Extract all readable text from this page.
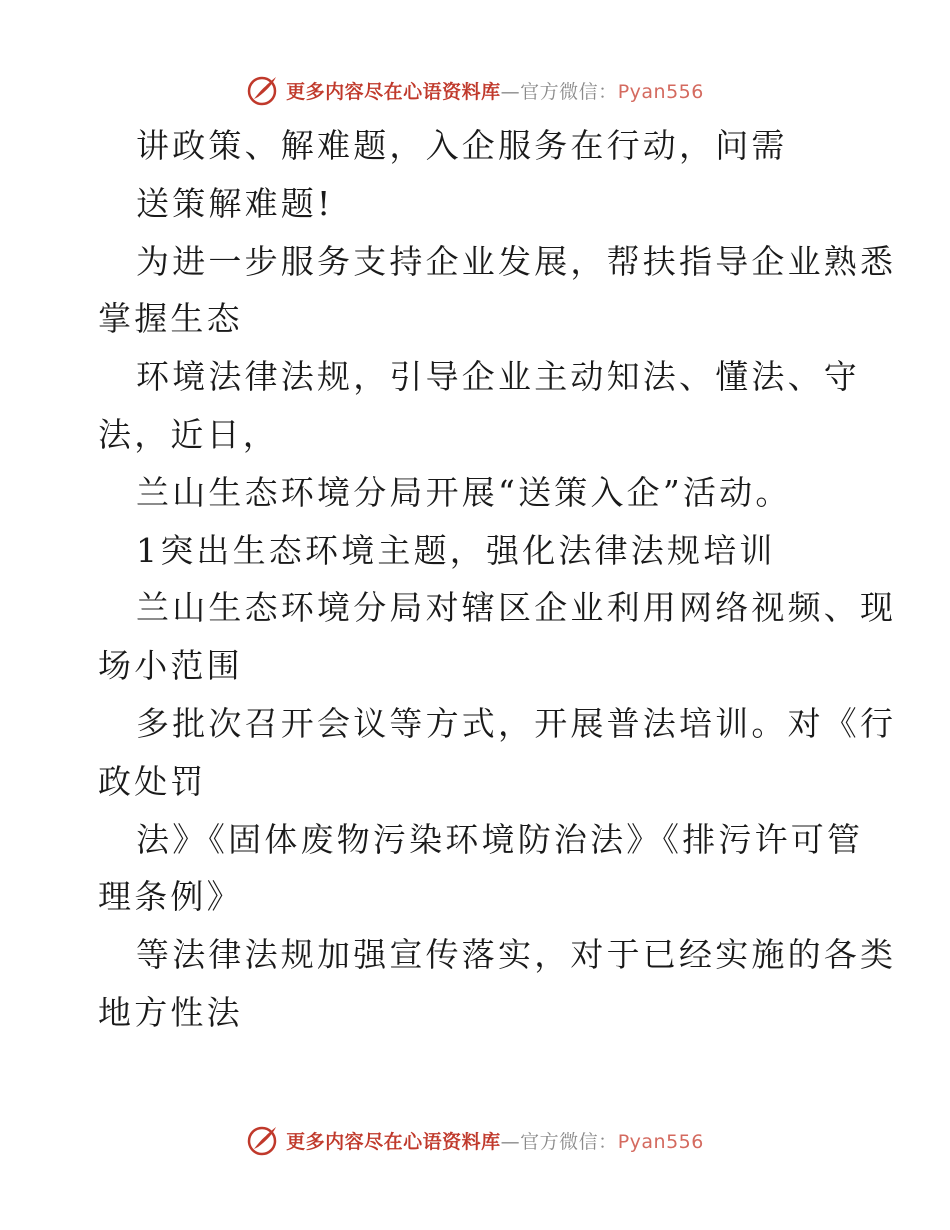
更多内容尽在心语资料库—官方微信：Pyan556
讲政策、解难题，入企服务在行动，问需
送策解难题!
为进一步服务支持企业发展，帮扶指导企业熟悉
掌握生态
环境法律法规，引导企业主动知法、懂法、守
法，近日，
兰山生态环境分局开展“送策入企”活动。
1突出生态环境主题，强化法律法规培训
兰山生态环境分局对辖区企业利用网络视频、现
场小范围
多批次召开会议等方式，开展普法培训。对《行
政处罚
法》《固体废物污染环境防治法》《排污许可管
理条例》
等法律法规加强宣传落实，对于已经实施的各类
地方性法
更多内容尽在心语资料库—官方微信：Pyan556
